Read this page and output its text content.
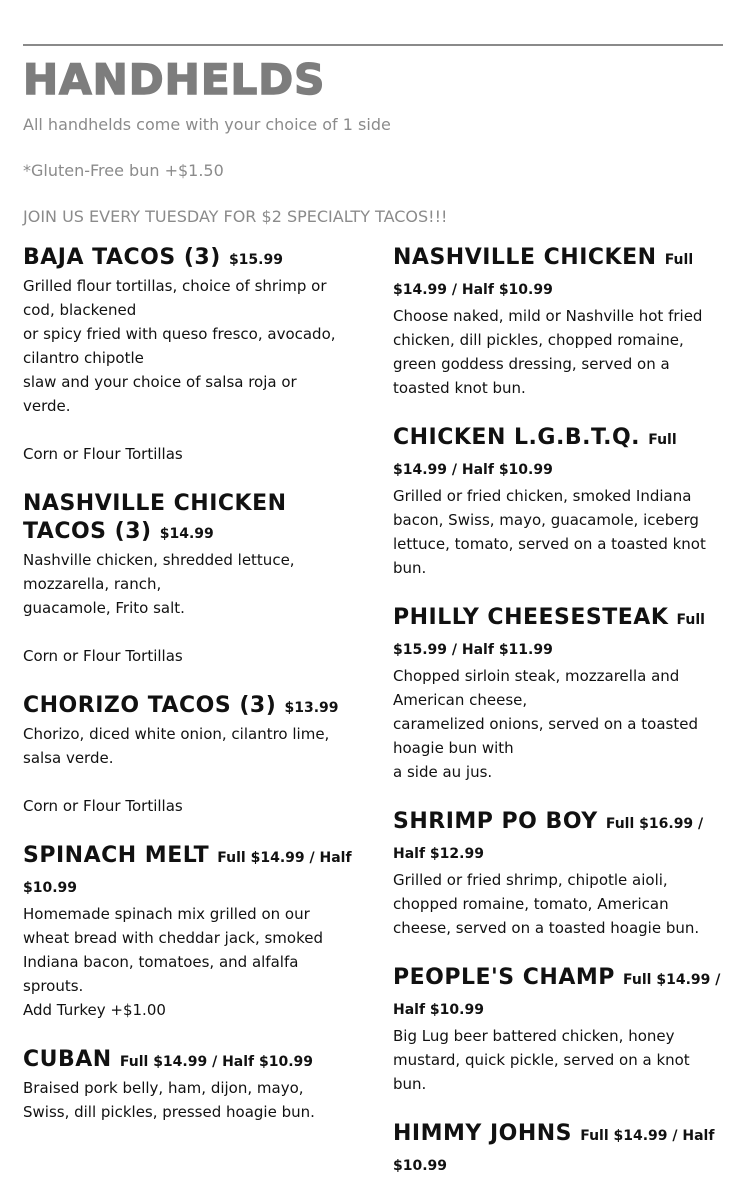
HANDHELDS
All handhelds come with your choice of 1 side
*Gluten-Free bun +$1.50
JOIN US EVERY TUESDAY FOR $2 SPECIALTY TACOS!!!
BAJA TACOS (3) $15.99
Grilled flour tortillas, choice of shrimp or
cod, blackened
or spicy fried with queso fresco, avocado,
cilantro chipotle
slaw and your choice of salsa roja or
verde.
Corn or Flour Tortillas
NASHVILLE CHICKEN TACOS (3) $14.99
Nashville chicken, shredded lettuce,
mozzarella, ranch,
guacamole, Frito salt.
Corn or Flour Tortillas
CHORIZO TACOS (3) $13.99
Chorizo, diced white onion, cilantro lime,
salsa verde.
Corn or Flour Tortillas
SPINACH MELT Full $14.99 / Half $10.99
Homemade spinach mix grilled on our
wheat bread with cheddar jack, smoked
Indiana bacon, tomatoes, and alfalfa
sprouts.
Add Turkey +$1.00
CUBAN Full $14.99 / Half $10.99
Braised pork belly, ham, dijon, mayo,
Swiss, dill pickles, pressed hoagie bun.
NASHVILLE CHICKEN Full $14.99 / Half $10.99
Choose naked, mild or Nashville hot fried
chicken, dill pickles, chopped romaine,
green goddess dressing, served on a
toasted knot bun.
CHICKEN L.G.B.T.Q. Full $14.99 / Half $10.99
Grilled or fried chicken, smoked Indiana
bacon, Swiss, mayo, guacamole, iceberg
lettuce, tomato, served on a toasted knot
bun.
PHILLY CHEESESTEAK Full $15.99 / Half $11.99
Chopped sirloin steak, mozzarella and
American cheese,
caramelized onions, served on a toasted
hoagie bun with
a side au jus.
SHRIMP PO BOY Full $16.99 / Half $12.99
Grilled or fried shrimp, chipotle aioli,
chopped romaine, tomato, American
cheese, served on a toasted hoagie bun.
PEOPLE'S CHAMP Full $14.99 / Half $10.99
Big Lug beer battered chicken, honey
mustard, quick pickle, served on a knot
bun.
HIMMY JOHNS Full $14.99 / Half $10.99
